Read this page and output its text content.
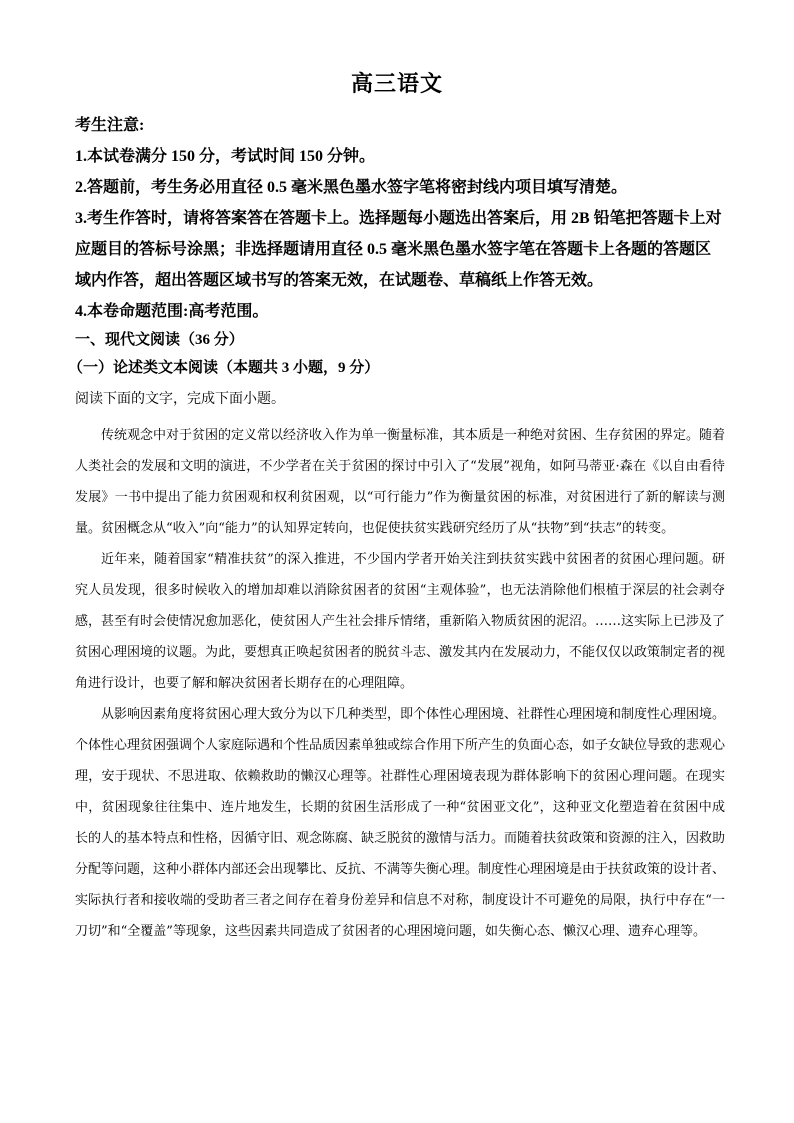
高三语文

考生注意:

1.本试卷满分 150 分，考试时间 150 分钟。

2.答题前，考生务必用直径 0.5 毫米黑色墨水签字笔将密封线内项目填写清楚。

3.考生作答时，请将答案答在答题卡上。选择题每小题选出答案后，用 2B 铅笔把答题卡上对应题目的答标号涂黑；非选择题请用直径 0.5 毫米黑色墨水签字笔在答题卡上各题的答题区域内作答，超出答题区域书写的答案无效，在试题卷、草稿纸上作答无效。

4.本卷命题范围:高考范围。

一、现代文阅读（36 分）
（一）论述类文本阅读（本题共 3 小题，9 分）
阅读下面的文字，完成下面小题。

传统观念中对于贫困的定义常以经济收入作为单一衡量标准，其本质是一种绝对贫困、生存贫困的界定。随着人类社会的发展和文明的演进，不少学者在关于贫困的探讨中引入了“发展”视角，如阿马蒂亚·森在《以自由看待发展》一书中提出了能力贫困观和权利贫困观，以“可行能力”作为衡量贫困的标准，对贫困进行了新的解读与测量。贫困概念从“收入”向“能力”的认知界定转向，也促使扶贫实践研究经历了从“扶物”到“扶志”的转变。

近年来，随着国家“精准扶贫”的深入推进，不少国内学者开始关注到扶贫实践中贫困者的贫困心理问题。研究人员发现，很多时候收入的增加却难以消除贫困者的贫困“主观体验”，也无法消除他们根植于深层的社会剥夺感，甚至有时会使情况愈加恶化，使贫困人产生社会排斥情绪，重新陷入物质贫困的泥沼。……这实际上已涉及了贫困心理困境的议题。为此，要想真正唤起贫困者的脱贫斗志、激发其内在发展动力，不能仅仅以政策制定者的视角进行设计，也要了解和解决贫困者长期存在的心理阻障。

从影响因素角度将贫困心理大致分为以下几种类型，即个体性心理困境、社群性心理困境和制度性心理困境。个体性心理贫困强调个人家庭际遇和个性品质因素单独或综合作用下所产生的负面心态，如子女缺位导致的悲观心理，安于现状、不思进取、依赖救助的懒汉心理等。社群性心理困境表现为群体影响下的贫困心理问题。在现实中，贫困现象往往集中、连片地发生，长期的贫困生活形成了一种“贫困亚文化”，这种亚文化塑造着在贫困中成长的人的基本特点和性格，因循守旧、观念陈腐、缺乏脱贫的激情与活力。而随着扶贫政策和资源的注入，因救助分配等问题，这种小群体内部还会出现攀比、反抗、不满等失衡心理。制度性心理困境是由于扶贫政策的设计者、实际执行者和接收端的受助者三者之间存在着身份差异和信息不对称，制度设计不可避免的局限，执行中存在“一刀切”和“全覆盖”等现象，这些因素共同造成了贫困者的心理困境问题，如失衡心态、懒汉心理、遗弃心理等。
